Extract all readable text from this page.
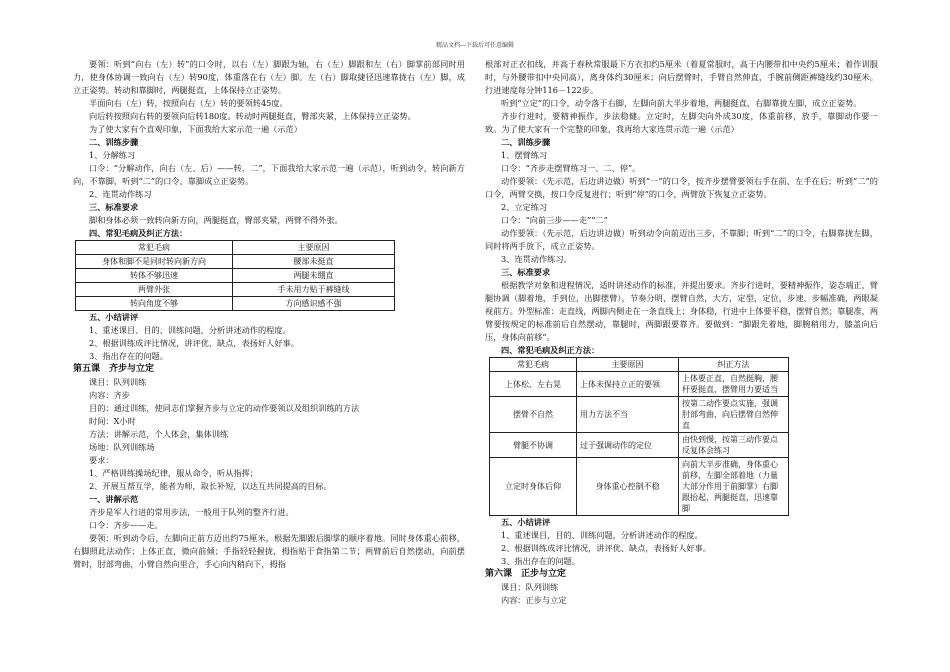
精品文档---下载后可任意编辑

要领：听到“向右（左）转”的口令时，以右（左）脚跟为轴，右（左）脚跟和左（右）脚掌前部同时用力，使身体协调一致向右（左）转90度，体重落在右（左）脚。左（右）脚取捷径迅速靠拢右（左）脚，成立正姿势。转动和靠脚时，两腿挺直，上体保持立正姿势。

半面向右（左）转，按照向右（左）转的要领转45度。

向后转按照向右转的要领向后转180度。转动时两腿挺直，臀部夹紧，上体保持立正姿势。

为了使大家有个直观印象，下面我给大家示范一遍（示范）

二、训练步骤

1、分解练习

口令：“分解动作，向右（左、后）——转，二”，下面我给大家示范一遍（示范），听到动令，转向新方向，不靠脚，听到“二”的口令，靠脚成立正姿势。

2、连贯动作练习

三、标准要求

脚和身体必须一致转向新方向，两腿挺直，臀部夹紧，两臂不得外张。

四、常犯毛病及纠正方法：

常犯毛病	主要原因
身体和脚不是同时转向新方向	腰部未挺直
转体不够迅速	两腿未绷直
两臂外张	手未用力贴于裤缝线
转向角度不够	方向感识感不强

五、小结讲评

1、重述课目、目的、训练问题，分析讲述动作的程度。

2、根据训练成评比情况，讲评优、缺点，表扬好人好事。

3、指出存在的问题。

第五课　齐步与立定

课目：队列训练

内容：齐步

目的：通过训练，使同志们掌握齐步与立定的动作要领以及组织训练的方法

时间：X小时

方法：讲解示范，个人体会，集体训练

场地：队列训练场

要求：

1、严格训练操场纪律，服从命令，听从指挥；

2、开展互帮互学，能者为师，取长补短，以达互共同提高的目标。

一、讲解示范

齐步是军人行进的常用步法，一般用于队列的整齐行进。

口令：齐步——走。

要领：听到动令后，左脚向正前方迈出约75厘米，根据先脚跟后脚掌的顺序着地。同时身体重心前移，右脚照此法动作；上体正直，微向前倾；手指轻轻握拢，拇指贴于食指第二节；两臂前后自然摆动，向前摆臂时，肘部弯曲，小臂自然向里合，手心向内稍向下，拇指

根部对正衣扣线，并高于春秋常服最下方衣扣约5厘米（着夏常服时，高于内腰带扣中央约5厘米；着作训服时，与外腰带扣中央同高），离身体约30厘米；向后摆臂时，手臂自然伸直，手腕前侧距裤缝线约30厘米。行进速度每分钟116－122步。

听到“立定”的口令，动令落于右脚，左脚向前大半步着地，两腿挺直，右脚靠拢左脚，成立正姿势。

齐步行进时，要精神振作，步法稳健。立定时，左脚尖向外成30度，体重前移，放手，靠脚动作要一致。为了使大家有一个完整的印象，我再给大家连贯示范一遍（示范）

二、训练步骤

1、摆臂练习

口令：“齐步走摆臂练习一、二、停”。

动作要领：（先示范，后边讲边做）听到“一”的口令，按齐步摆臂要领右手在前、左手在后；听到“二”的口令，两臂交换，按口令反复进行；听到“停”的口令，两臂放下恢复立正姿势。

2、立定练习

口令：“向前三步——走”“二”

动作要领：（先示范，后边讲边做）听到动令向前迈出三步，不靠脚；听到“二”的口令，右脚靠拢左脚，同时将两手放下，成立正姿势。

3、连贯动作练习。

三、标准要求

根据教学对象和进程情况，适时讲述动作的标准，并提出要求。齐步行进时，要精神振作，姿态端正，臂腿协调（脚着地，手到位，出脚摆臂），节奏分明，摆臂自然，大方，定型，定位，步速，步幅准确，两眼凝视前方。外型标准：走直线，两脚内侧走在一条直线上；身体稳，行进中上体要平稳，摆臂自然；靠腿准，两臂要按规定的标准前后自然摆动，靠腿时，两脚跟要靠齐。要做到：“脚跟先着地，脚腕稍用力，膝盖向后压，身体向前移”。

四、常犯毛病及纠正方法：

常犯毛病	主要原因	纠正方法
上体松、左右晃	上体未保持立正的要领	上体要正直，自然挺胸，腰杆要挺直，摆臂用力要适当
摆臂不自然	用力方法不当	按第二动作要点实施，强调肘部弯曲，向后摆臂自然伸直
臂腿不协调	过于强调动作的定位	由快到慢，按第三动作要点反复体会练习
立定时身体后仰	身体重心控制不稳	向前大半步准确，身体重心前移，左脚全部着地（力量大部分作用于前脚掌）右脚跟抬起，两腿挺直，迅速靠脚

五、小结讲评

1、重述课目，目的、训练问题，分析讲述动作的程度。

2、根据训练成评比情况，讲评优、缺点，表扬好人好事。

3、指出存在的问题。

第六课　正步与立定

课目：队列训练

内容：正步与立定
